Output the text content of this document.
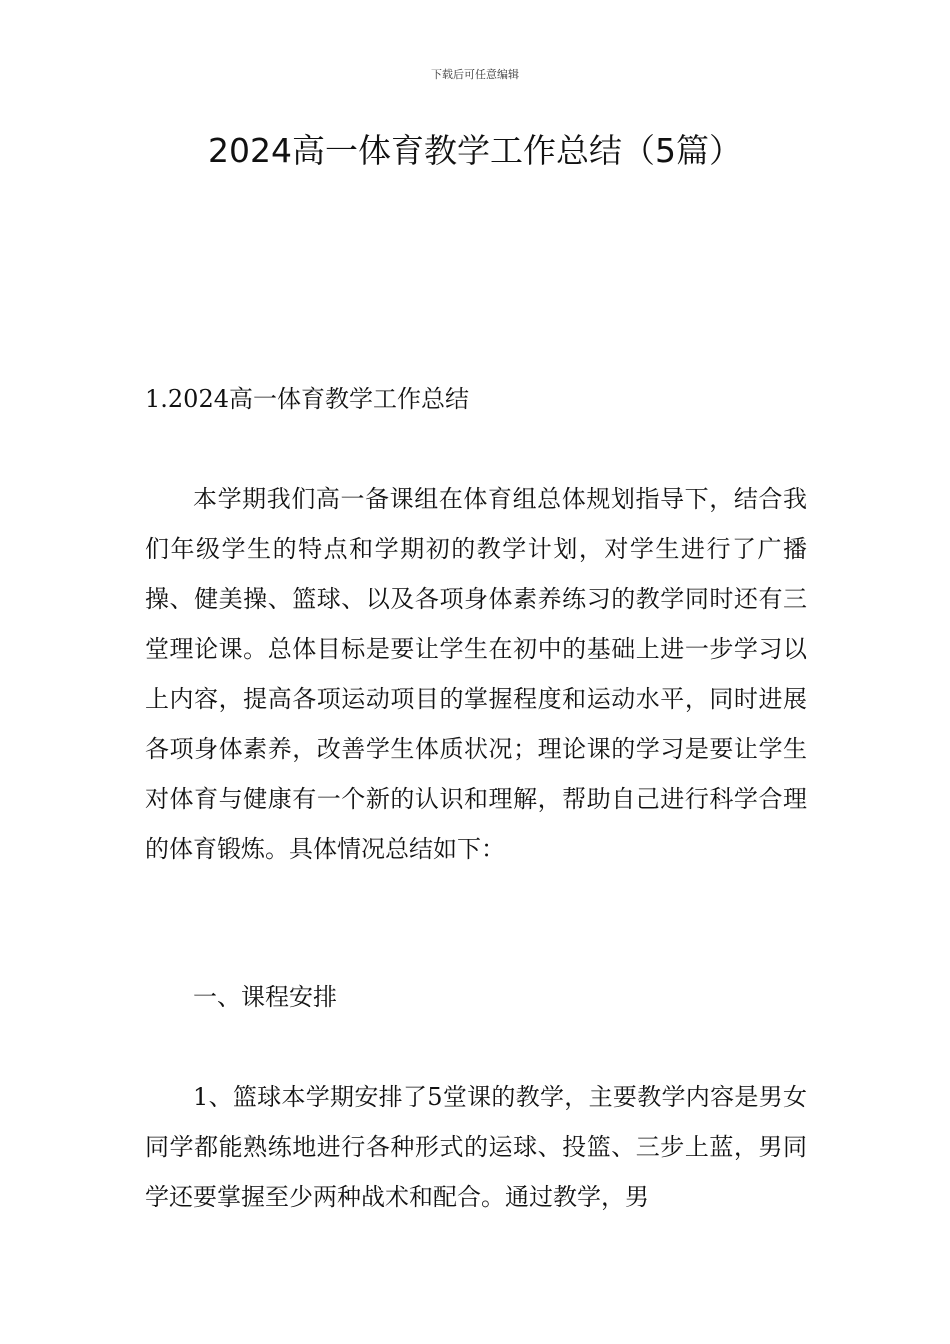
下载后可任意编辑
2024高一体育教学工作总结（5篇）

1.2024高一体育教学工作总结

本学期我们高一备课组在体育组总体规划指导下，结合我们年级学生的特点和学期初的教学计划，对学生进行了广播操、健美操、篮球、以及各项身体素养练习的教学同时还有三堂理论课。总体目标是要让学生在初中的基础上进一步学习以上内容，提高各项运动项目的掌握程度和运动水平，同时进展各项身体素养，改善学生体质状况；理论课的学习是要让学生对体育与健康有一个新的认识和理解，帮助自己进行科学合理的体育锻炼。具体情况总结如下：

一、课程安排

1、篮球本学期安排了5堂课的教学，主要教学内容是男女同学都能熟练地进行各种形式的运球、投篮、三步上蓝，男同学还要掌握至少两种战术和配合。通过教学，男
